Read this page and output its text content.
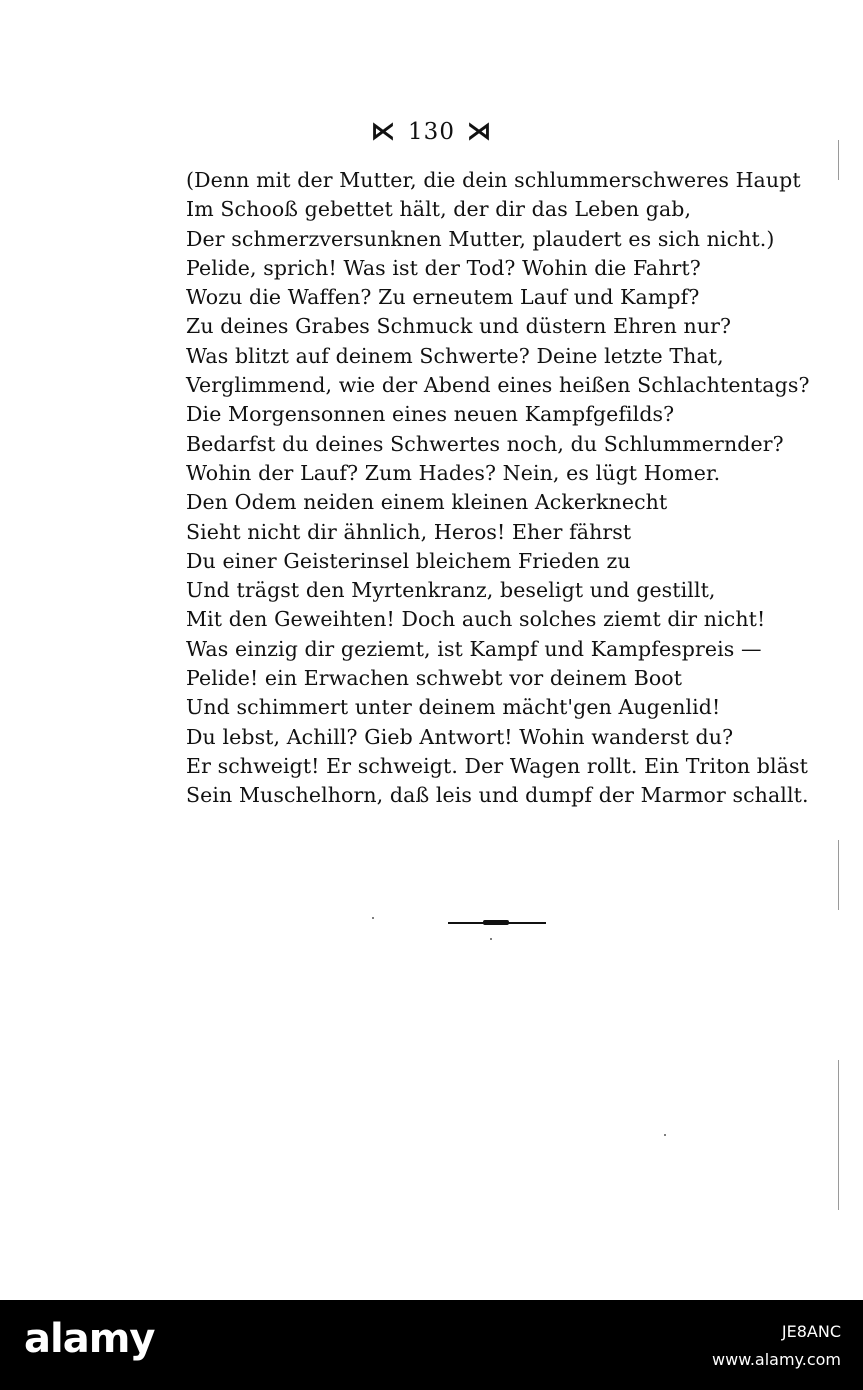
⋉ 130 ⋊
(Denn mit der Mutter, die dein schlummerschweres Haupt
Im Schooß gebettet hält, der dir das Leben gab,
Der schmerzversunknen Mutter, plaudert es sich nicht.)
Pelide, sprich! Was ist der Tod? Wohin die Fahrt?
Wozu die Waffen? Zu erneutem Lauf und Kampf?
Zu deines Grabes Schmuck und düstern Ehren nur?
Was blitzt auf deinem Schwerte? Deine letzte That,
Verglimmend, wie der Abend eines heißen Schlachtentags?
Die Morgensonnen eines neuen Kampfgefilds?
Bedarfst du deines Schwertes noch, du Schlummernder?
Wohin der Lauf? Zum Hades? Nein, es lügt Homer.
Den Odem neiden einem kleinen Ackerknecht
Sieht nicht dir ähnlich, Heros! Eher fährst
Du einer Geisterinsel bleichem Frieden zu
Und trägst den Myrtenkranz, beseligt und gestillt,
Mit den Geweihten! Doch auch solches ziemt dir nicht!
Was einzig dir geziemt, ist Kampf und Kampfespreis —
Pelide! ein Erwachen schwebt vor deinem Boot
Und schimmert unter deinem mächt'gen Augenlid!
Du lebst, Achill? Gieb Antwort! Wohin wanderst du?
Er schweigt! Er schweigt. Der Wagen rollt. Ein Triton bläst
Sein Muschelhorn, daß leis und dumpf der Marmor schallt.
alamy	JE8ANC
www.alamy.com
